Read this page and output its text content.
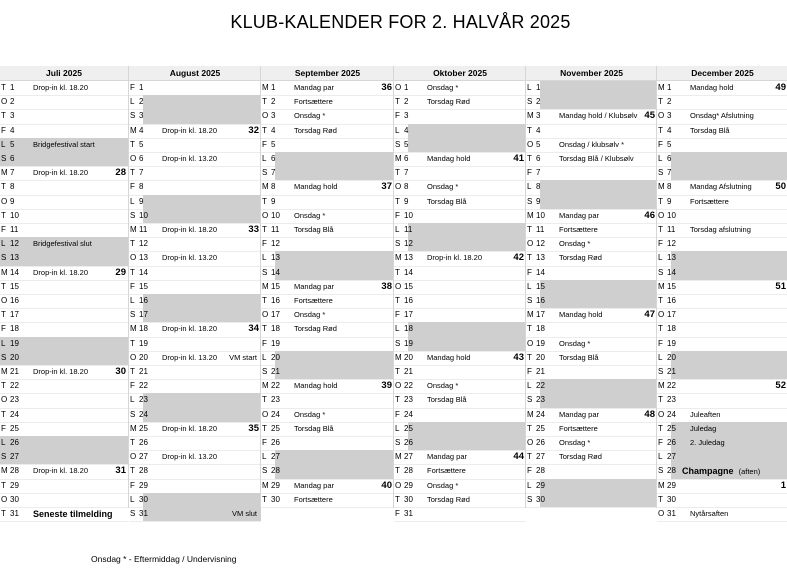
KLUB-KALENDER FOR 2. HALVÅR 2025
Juli 2025
T 1 Drop-in kl. 18.20
O 2
T 3
F 4
L 5 Bridgefestival start
S 6
M 7 Drop-in kl. 18.20	28
T 8
O 9
T 10
F 11
L 12 Bridgefestival slut
S 13
M 14 Drop-in kl. 18.20	29
T 15
O 16
T 17
F 18
L 19
S 20
M 21 Drop-in kl. 18.20	30
T 22
O 23
T 24
F 25
L 26
S 27
M 28 Drop-in kl. 18.20	31
T 29
O 30
T 31 Seneste tilmelding
August 2025
F 1
L 2
S 3
M 4 Drop-in kl. 18.20	32
T 5
O 6 Drop-in kl. 13.20
T 7
F 8
L 9
S 10
M 11 Drop-in kl. 18.20	33
T 12
O 13 Drop-in kl. 13.20
T 14
F 15
L 16
S 17
M 18 Drop-in kl. 18.20	34
T 19
O 20 Drop-in kl. 13.20 VM start
T 21
F 22
L 23
S 24
M 25 Drop-in kl. 18.20	35
T 26
O 27 Drop-in kl. 13.20
T 28
F 29
L 30
S 31	VM slut
September 2025
M 1 Mandag par	36
T 2 Fortsættere
O 3 Onsdag *
T 4 Torsdag Rød
F 5
L 6
S 7
M 8 Mandag hold	37
T 9
O 10 Onsdag *
T 11 Torsdag Blå
F 12
L 13
S 14
M 15 Mandag par	38
T 16 Fortsættere
O 17 Onsdag *
T 18 Torsdag Rød
F 19
L 20
S 21
M 22 Mandag hold	39
T 23
O 24 Onsdag *
T 25 Torsdag Blå
F 26
L 27
S 28
M 29 Mandag par	40
T 30 Fortsættere
Oktober 2025
O 1 Onsdag *
T 2 Torsdag Rød
F 3
L 4
S 5
M 6 Mandag hold	41
T 7
O 8 Onsdag *
T 9 Torsdag Blå
F 10
L 11
S 12
M 13 Drop-in kl. 18.20	42
T 14
O 15
T 16
F 17
L 18
S 19
M 20 Mandag hold	43
T 21
O 22 Onsdag *
T 23 Torsdag Blå
F 24
L 25
S 26
M 27 Mandag par	44
T 28 Fortsættere
O 29 Onsdag *
T 30 Torsdag Rød
F 31
November 2025
L 1
S 2
M 3 Mandag hold / Klubsølv 45
T 4
O 5 Onsdag / klubsølv *
T 6 Torsdag Blå / Klubsølv
F 7
L 8
S 9
M 10 Mandag par	46
T 11 Fortsættere
O 12 Onsdag *
T 13 Torsdag Rød
F 14
L 15
S 16
M 17 Mandag hold	47
T 18
O 19 Onsdag *
T 20 Torsdag Blå
F 21
L 22
S 23
M 24 Mandag par	48
T 25 Fortsættere
O 26 Onsdag *
T 27 Torsdag Rød
F 28
L 29
S 30
December 2025
M 1 Mandag hold	49
T 2
O 3 Onsdag* Afslutning
T 4 Torsdag Blå
F 5
L 6
S 7
M 8 Mandag Afslutning 50
T 9 Fortsættere
O 10
T 11 Torsdag afslutning
F 12
L 13
S 14
M 15	51
T 16
O 17
T 18
F 19
L 20
S 21
M 22	52
T 23
O 24 Juleaften
T 25 Juledag
F 26 2. Juledag
L 27
S 28 Champagne (aften)
M 29	1
T 30
O 31 Nytårsaften
Onsdag * - Eftermiddag / Undervisning
